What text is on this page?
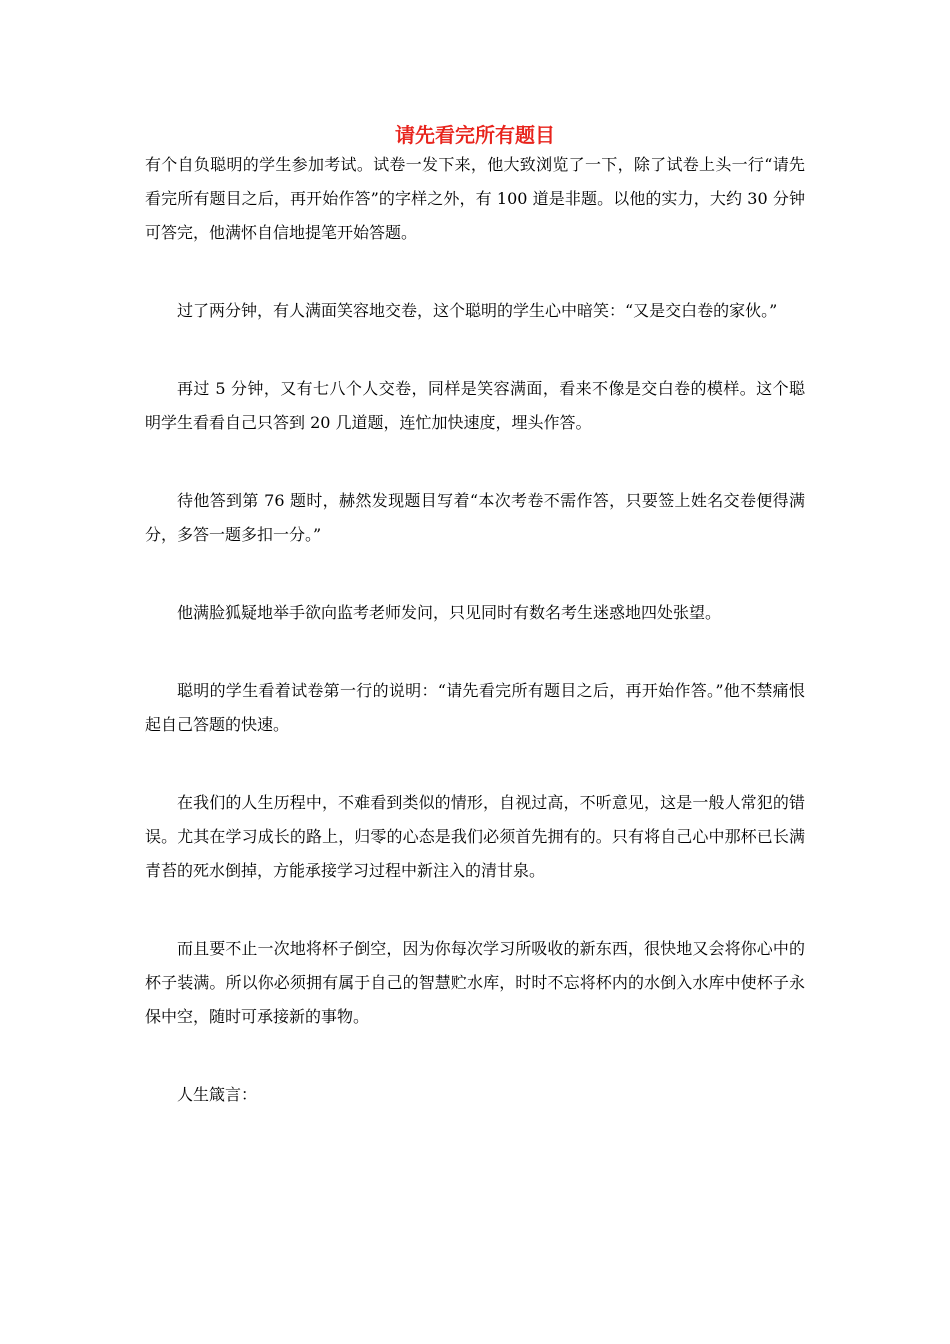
请先看完所有题目

有个自负聪明的学生参加考试。试卷一发下来，他大致浏览了一下，除了试卷上头一行“请先看完所有题目之后，再开始作答”的字样之外，有 100 道是非题。以他的实力，大约 30 分钟可答完，他满怀自信地提笔开始答题。

过了两分钟，有人满面笑容地交卷，这个聪明的学生心中暗笑：“又是交白卷的家伙。”

再过 5 分钟，又有七八个人交卷，同样是笑容满面，看来不像是交白卷的模样。这个聪明学生看看自己只答到 20 几道题，连忙加快速度，埋头作答。

待他答到第 76 题时，赫然发现题目写着“本次考卷不需作答，只要签上姓名交卷便得满分，多答一题多扣一分。”

他满脸狐疑地举手欲向监考老师发问，只见同时有数名考生迷惑地四处张望。

聪明的学生看着试卷第一行的说明：“请先看完所有题目之后，再开始作答。”他不禁痛恨起自己答题的快速。

在我们的人生历程中，不难看到类似的情形，自视过高，不听意见，这是一般人常犯的错误。尤其在学习成长的路上，归零的心态是我们必须首先拥有的。只有将自己心中那杯已长满青苔的死水倒掉，方能承接学习过程中新注入的清甘泉。

而且要不止一次地将杯子倒空，因为你每次学习所吸收的新东西，很快地又会将你心中的杯子装满。所以你必须拥有属于自己的智慧贮水库，时时不忘将杯内的水倒入水库中使杯子永保中空，随时可承接新的事物。

人生箴言：
